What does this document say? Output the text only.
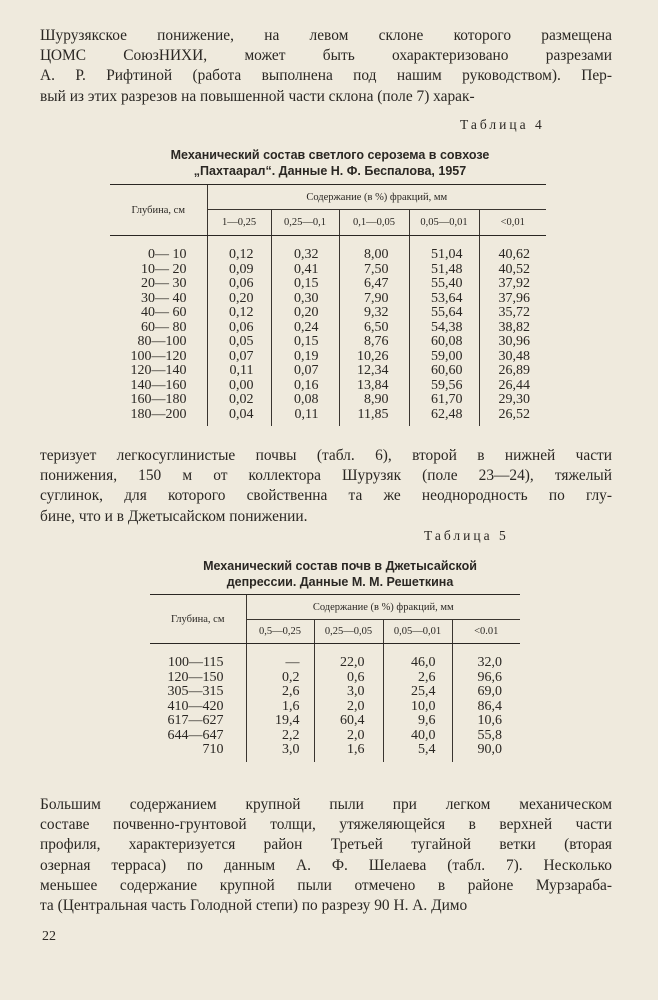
Шурузякское понижение, на левом склоне которого размещена
ЦОМС СоюзНИХИ, может быть охарактеризовано разрезами
А. Р. Рифтиной (работа выполнена под нашим руководством). Пер-
вый из этих разрезов на повышенной части склона (поле 7) харак-

Таблица 4
Механический состав светлого серозема в совхозе
„Пахтаарал“. Данные Н. Ф. Беспалова, 1957
Глубина, см	Содержание (в %) фракций, мм				
	1—0,25	0,25—0,1	0,1—0,05	0,05—0,01	<0,01

0— 10	0,12	0,32	8,00	51,04	40,62
10— 20	0,09	0,41	7,50	51,48	40,52
20— 30	0,06	0,15	6,47	55,40	37,92
30— 40	0,20	0,30	7,90	53,64	37,96
40— 60	0,12	0,20	9,32	55,64	35,72
60— 80	0,06	0,24	6,50	54,38	38,82
80—100	0,05	0,15	8,76	60,08	30,96
100—120	0,07	0,19	10,26	59,00	30,48
120—140	0,11	0,07	12,34	60,60	26,89
140—160	0,00	0,16	13,84	59,56	26,44
160—180	0,02	0,08	8,90	61,70	29,30
180—200	0,04	0,11	11,85	62,48	26,52

теризует легкосуглинистые почвы (табл. 6), второй в нижней части
понижения, 150 м от коллектора Шурузяк (поле 23—24), тяжелый
суглинок, для которого свойственна та же неоднородность по глу-
бине, что и в Джетысайском понижении.

Таблица 5
Механический состав почв в Джетысайской
депрессии. Данные М. М. Решеткина
Глубина, см	Содержание (в %) фракций, мм			
	0,5—0,25	0,25—0,05	0,05—0,01	<0.01

100—115	—	22,0	46,0	32,0
120—150	0,2	0,6	2,6	96,6
305—315	2,6	3,0	25,4	69,0
410—420	1,6	2,0	10,0	86,4
617—627	19,4	60,4	9,6	10,6
644—647	2,2	2,0	40,0	55,8
710	3,0	1,6	5,4	90,0

Большим содержанием крупной пыли при легком механическом
составе почвенно-грунтовой толщи, утяжеляющейся в верхней части
профиля, характеризуется район Третьей тугайной ветки (вторая
озерная терраса) по данным А. Ф. Шелаева (табл. 7). Несколько
меньшее содержание крупной пыли отмечено в районе Мурзараба-
та (Центральная часть Голодной степи) по разрезу 90 Н. А. Димо

22
